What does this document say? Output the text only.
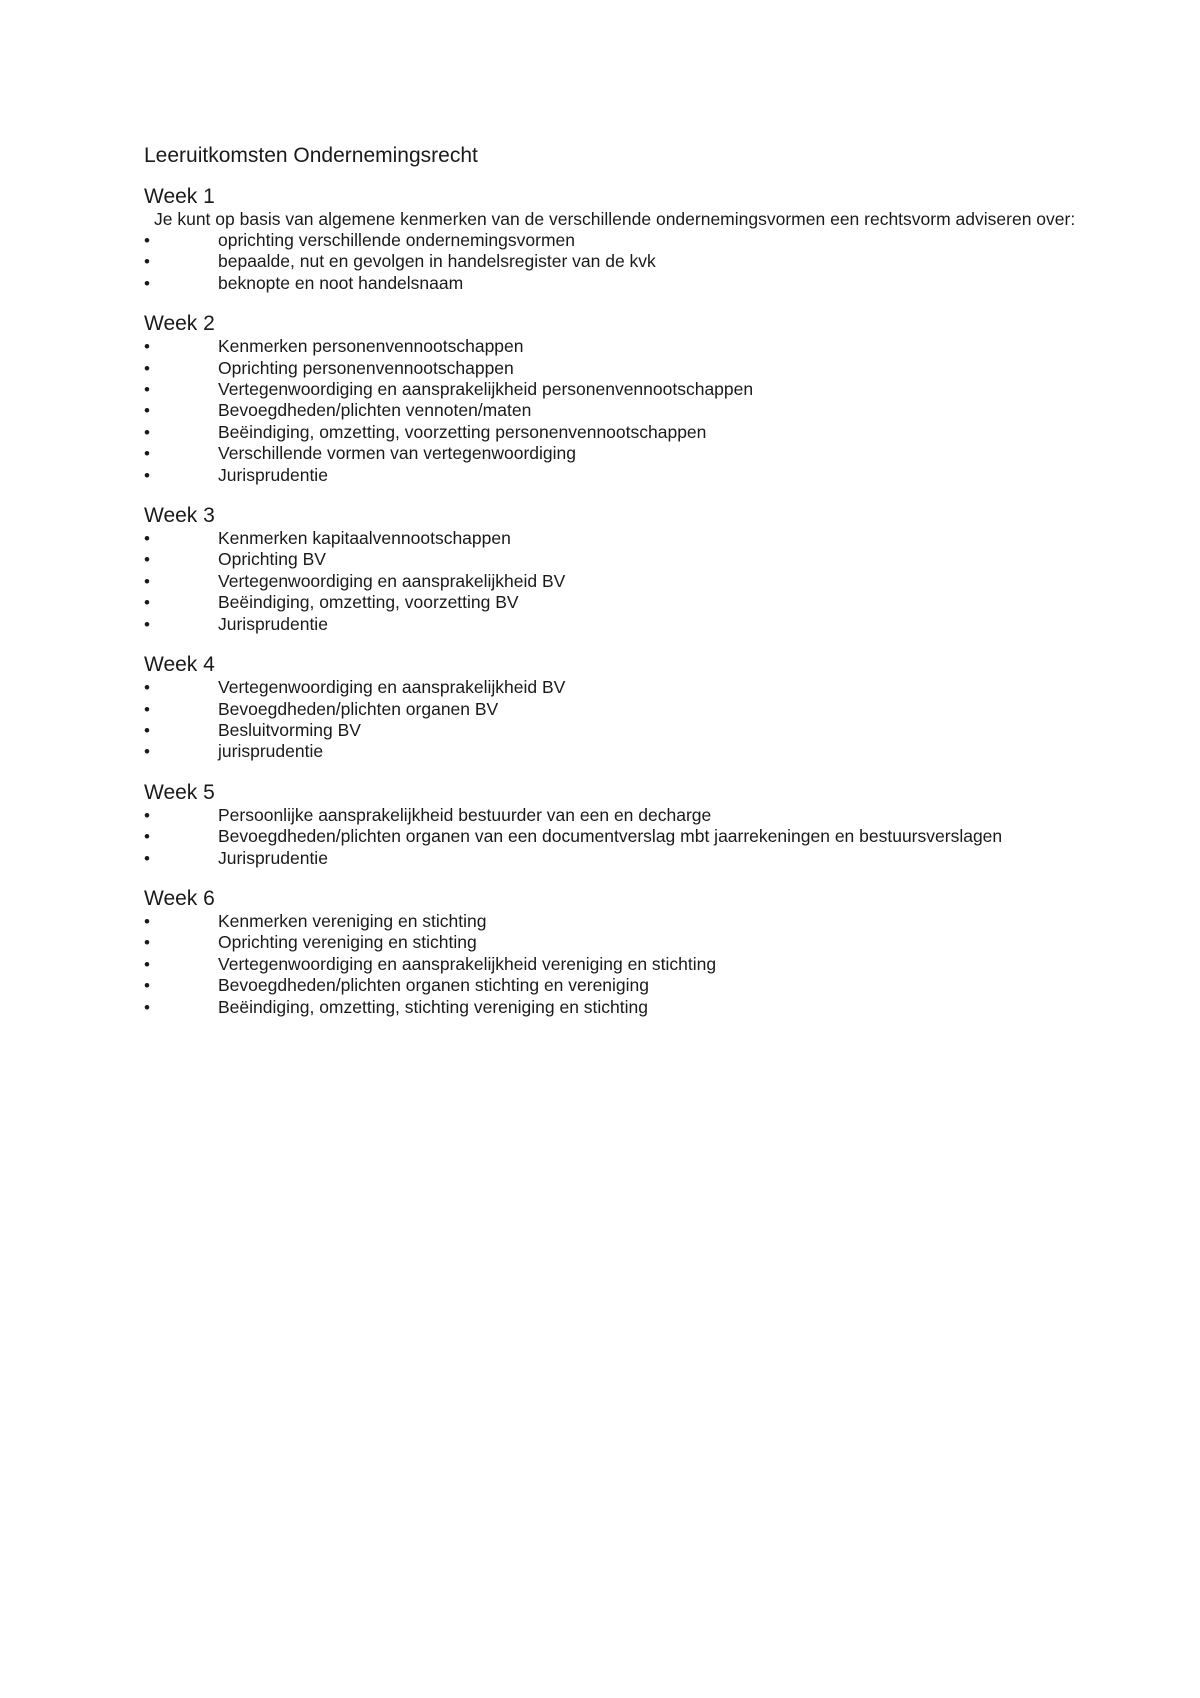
Leeruitkomsten Ondernemingsrecht
Week 1

Je kunt op basis van algemene kenmerken van de verschillende ondernemingsvormen een rechtsvorm adviseren over:

•	oprichting verschillende ondernemingsvormen
•	bepaalde, nut en gevolgen in handelsregister van de kvk
•	beknopte en noot handelsnaam
Week 2
•	Kenmerken personenvennootschappen
•	Oprichting personenvennootschappen
•	Vertegenwoordiging en aansprakelijkheid personenvennootschappen
•	Bevoegdheden/plichten vennoten/maten
•	Beëindiging, omzetting, voorzetting personenvennootschappen
•	Verschillende vormen van vertegenwoordiging
•	Jurisprudentie
Week 3
•	Kenmerken kapitaalvennootschappen
•	Oprichting BV
•	Vertegenwoordiging en aansprakelijkheid BV
•	Beëindiging, omzetting, voorzetting BV
•	Jurisprudentie
Week 4
•	Vertegenwoordiging en aansprakelijkheid BV
•	Bevoegdheden/plichten organen BV
•	Besluitvorming BV
•	jurisprudentie
Week 5
•	Persoonlijke aansprakelijkheid bestuurder van een en decharge
•	Bevoegdheden/plichten organen van een documentverslag mbt jaarrekeningen en bestuursverslagen
•	Jurisprudentie
Week 6
•	Kenmerken vereniging en stichting
•	Oprichting vereniging en stichting
•	Vertegenwoordiging en aansprakelijkheid vereniging en stichting
•	Bevoegdheden/plichten organen stichting en vereniging
•	Beëindiging, omzetting, stichting vereniging en stichting
